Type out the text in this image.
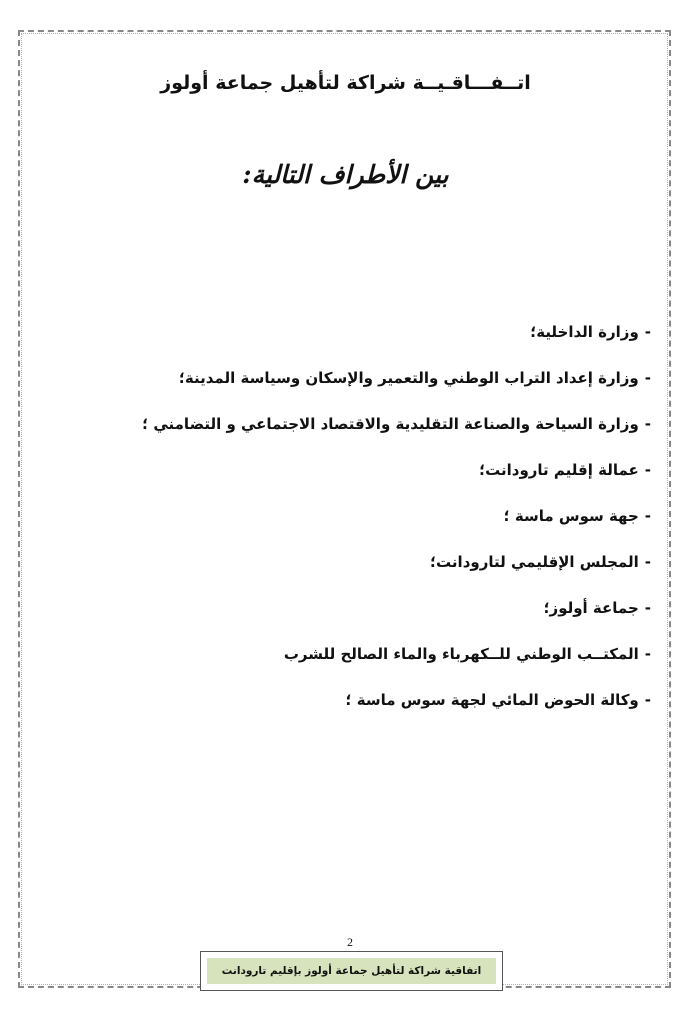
اتــفـــاقـيــة شراكة لتأهيل جماعة أولوز
بين الأطراف التالية:
-وزارة الداخلية؛
-وزارة إعداد التراب الوطني والتعمير والإسكان وسياسة المدينة؛
-وزارة السياحة والصناعة التقليدية والاقتصاد الاجتماعي و التضامني ؛
-عمالة إقليم تارودانت؛
-جهة سوس ماسة ؛
-المجلس الإقليمي لتارودانت؛
-جماعة أولوز؛
-المكتــب الوطني للــكهرباء والماء الصالح للشرب
-وكالة الحوض المائي لجهة سوس ماسة ؛
2
اتفاقية شراكة لتأهيل جماعة أولوز بإقليم تارودانت
